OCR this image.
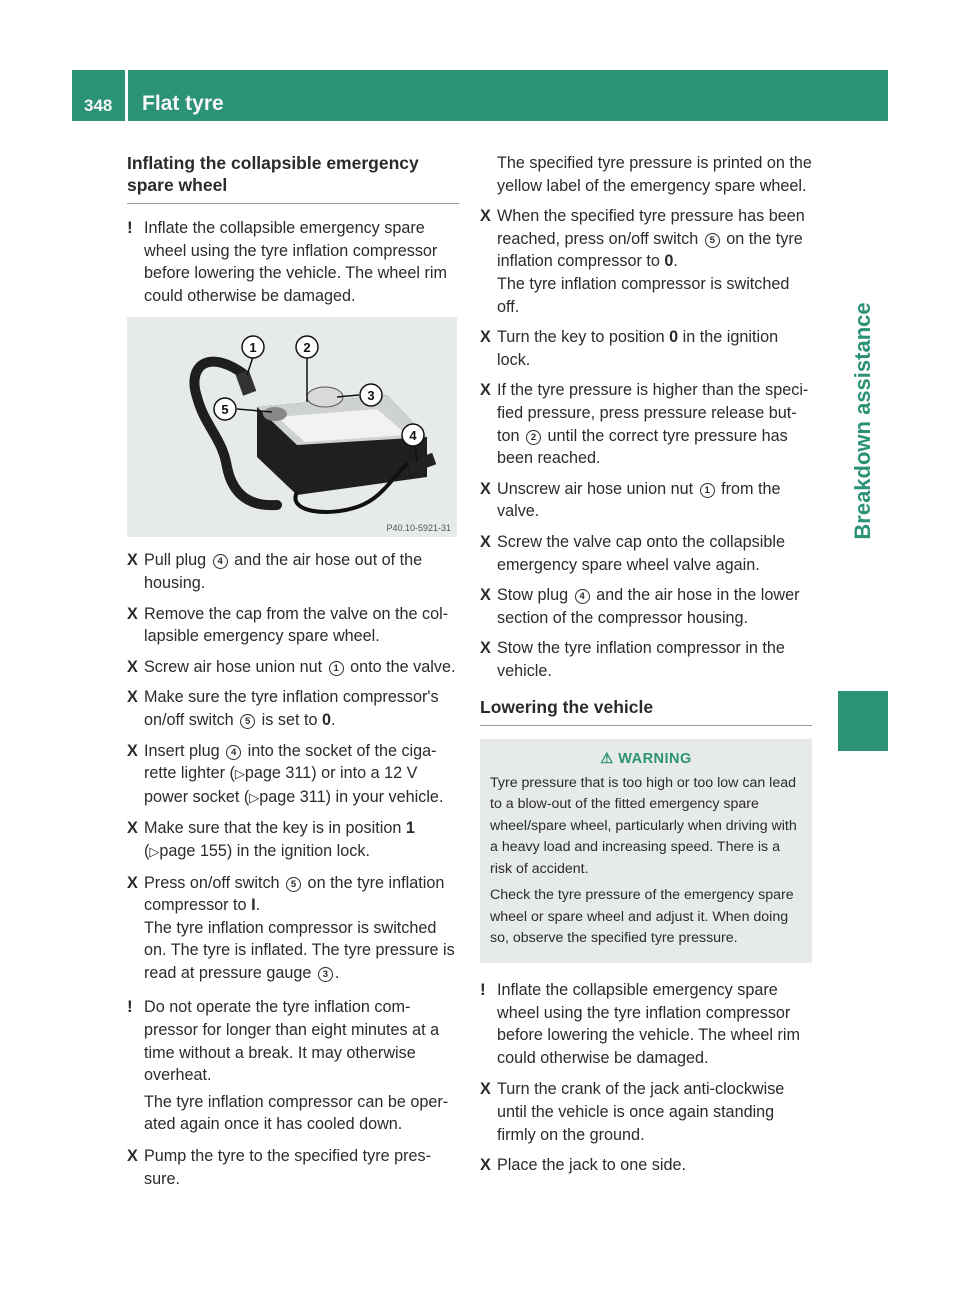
348 Flat tyre
Breakdown assistance
Inflating the collapsible emergency spare wheel
! Inflate the collapsible emergency spare wheel using the tyre inflation compressor before lowering the vehicle. The wheel rim could otherwise be damaged.
1	2
3
4
5
P40.10-5921-31
X Pull plug 4 and the air hose out of the housing.
X Remove the cap from the valve on the col- lapsible emergency spare wheel.
X Screw air hose union nut 1 onto the valve.
X Make sure the tyre inflation compressor's on/off switch 5 is set to 0.
X Insert plug 4 into the socket of the ciga- rette lighter (▷page 311) or into a 12 V power socket (▷page 311) in your vehicle.
X Make sure that the key is in position 1 (▷page 155) in the ignition lock.
X Press on/off switch 5 on the tyre inflation compressor to I.
The tyre inflation compressor is switched on. The tyre is inflated. The tyre pressure is read at pressure gauge 3 .
! Do not operate the tyre inflation com- pressor for longer than eight minutes at a time without a break. It may otherwise overheat.
The tyre inflation compressor can be oper- ated again once it has cooled down.
X Pump the tyre to the specified tyre pres- sure.
The specified tyre pressure is printed on the yellow label of the emergency spare wheel.
X When the specified tyre pressure has been reached, press on/off switch 5 on the tyre inflation compressor to 0.
The tyre inflation compressor is switched off.
X Turn the key to position 0 in the ignition lock.
X If the tyre pressure is higher than the speci- fied pressure, press pressure release but- ton 2 until the correct tyre pressure has been reached.
X Unscrew air hose union nut 1 from the valve.
X Screw the valve cap onto the collapsible emergency spare wheel valve again.
X Stow plug 4 and the air hose in the lower section of the compressor housing.
X Stow the tyre inflation compressor in the vehicle.
Lowering the vehicle
⚠ WARNING

Tyre pressure that is too high or too low can lead to a blow-out of the fitted emergency spare wheel/spare wheel, particularly when driving with a heavy load and increasing speed. There is a risk of accident.

Check the tyre pressure of the emergency spare wheel or spare wheel and adjust it. When doing so, observe the specified tyre pressure.

! Inflate the collapsible emergency spare wheel using the tyre inflation compressor before lowering the vehicle. The wheel rim could otherwise be damaged.
X Turn the crank of the jack anti-clockwise until the vehicle is once again standing firmly on the ground.
X Place the jack to one side.
